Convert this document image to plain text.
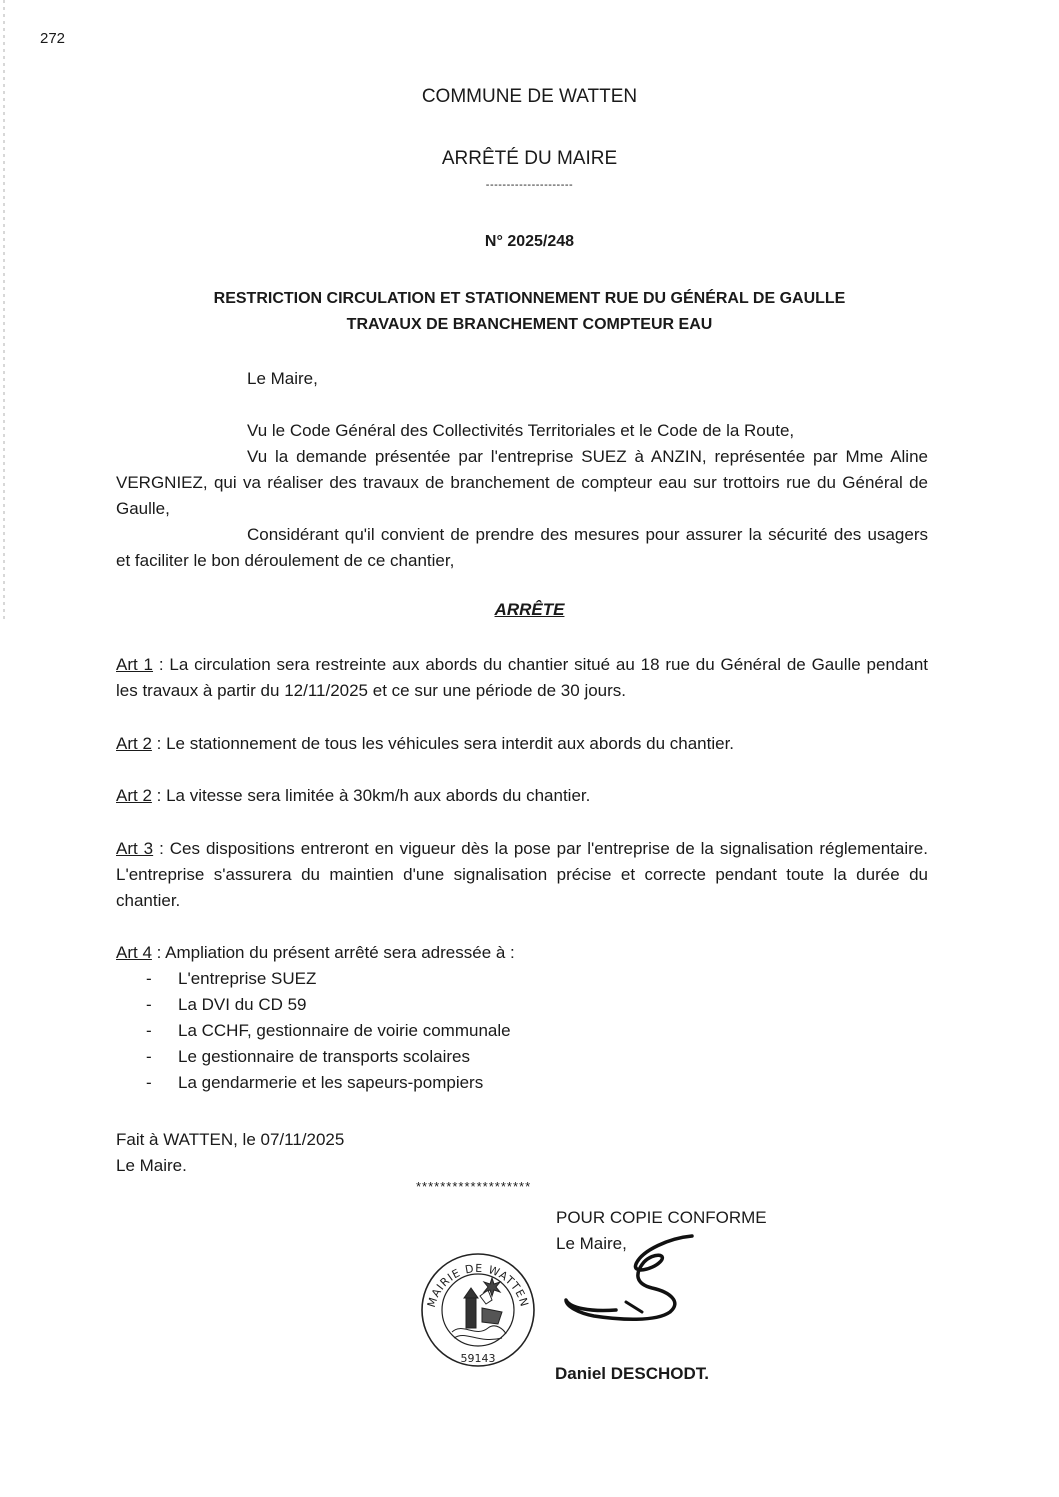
272
COMMUNE DE WATTEN
ARRÊTÉ DU MAIRE
---------------------
N° 2025/248
RESTRICTION CIRCULATION ET STATIONNEMENT RUE DU GÉNÉRAL DE GAULLE
TRAVAUX DE BRANCHEMENT COMPTEUR EAU

Le Maire,

Vu le Code Général des Collectivités Territoriales et le Code de la Route,

Vu la demande présentée par l'entreprise SUEZ à ANZIN, représentée par Mme Aline VERGNIEZ, qui va réaliser des travaux de branchement de compteur eau sur trottoirs rue du Général de Gaulle,

Considérant qu'il convient de prendre des mesures pour assurer la sécurité des usagers et faciliter le bon déroulement de ce chantier,

ARRÊTE
Art 1 : La circulation sera restreinte aux abords du chantier situé au 18 rue du Général de Gaulle pendant les travaux à partir du 12/11/2025 et ce sur une période de 30 jours.
Art 2 : Le stationnement de tous les véhicules sera interdit aux abords du chantier.
Art 2 : La vitesse sera limitée à 30km/h aux abords du chantier.
Art 3 : Ces dispositions entreront en vigueur dès la pose par l'entreprise de la signalisation réglementaire. L'entreprise s'assurera du maintien d'une signalisation précise et correcte pendant toute la durée du chantier.
Art 4 : Ampliation du présent arrêté sera adressée à :
- L'entreprise SUEZ
- La DVI du CD 59
- La CCHF, gestionnaire de voirie communale
- Le gestionnaire de transports scolaires
- La gendarmerie et les sapeurs-pompiers
Fait à WATTEN, le 07/11/2025
Le Maire.
*******************
POUR COPIE CONFORME
Le Maire,
MAIRIE DE WATTEN
59143
Daniel DESCHODT.
